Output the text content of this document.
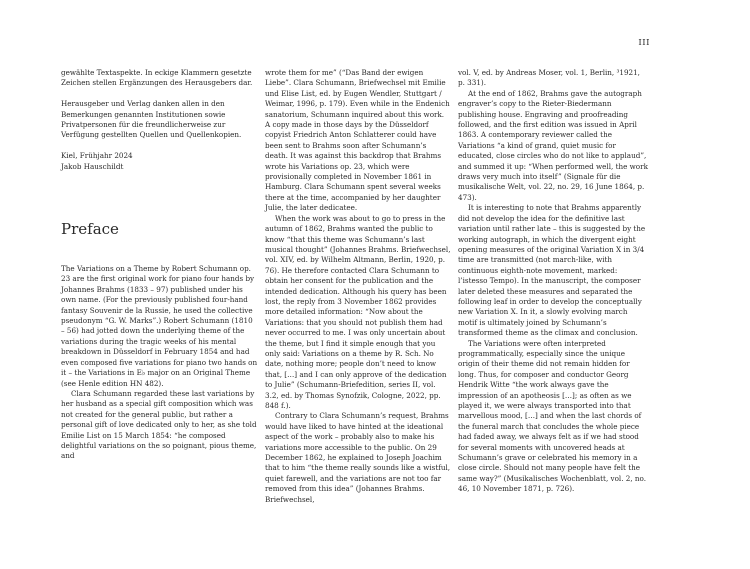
III

gewählte Textaspekte. In eckige Klammern gesetzte Zeichen stellen Ergänzungen des Herausgebers dar.

Herausgeber und Verlag danken allen in den Bemerkungen genannten Institutionen sowie Privatpersonen für die freundlicherweise zur Verfügung gestellten Quellen und Quellenkopien.

Kiel, Frühjahr 2024

Jakob Hauschildt

Preface

The Variations on a Theme by Robert Schumann op. 23 are the first original work for piano four hands by Johannes Brahms (1833 – 97) published under his own name. (For the previously published four-hand fantasy Souvenir de la Russie, he used the collective pseudonym “G. W. Marks”.) Robert Schumann (1810 – 56) had jotted down the underlying theme of the variations during the tragic weeks of his mental breakdown in Düsseldorf in February 1854 and had even composed five variations for piano two hands on it – the Variations in E♭ major on an Original Theme (see Henle edition HN 482).

Clara Schumann regarded these last variations by her husband as a special gift composition which was not created for the general public, but rather a personal gift of love dedicated only to her, as she told Emilie List on 15 March 1854: “he composed delightful variations on the so poignant, pious theme, and

wrote them for me” (“Das Band der ewigen Liebe”. Clara Schumann, Briefwechsel mit Emilie und Elise List, ed. by Eugen Wendler, Stuttgart / Weimar, 1996, p. 179). Even while in the Endenich sanatorium, Schumann inquired about this work. A copy made in those days by the Düsseldorf copyist Friedrich Anton Schlatterer could have been sent to Brahms soon after Schumann’s death. It was against this backdrop that Brahms wrote his Variations op. 23, which were provisionally completed in November 1861 in Hamburg. Clara Schumann spent several weeks there at the time, accompanied by her daughter Julie, the later dedicatee.

When the work was about to go to press in the autumn of 1862, Brahms wanted the public to know “that this theme was Schumann’s last musical thought” (Johannes Brahms. Briefwechsel, vol. XIV, ed. by Wilhelm Altmann, Berlin, 1920, p. 76). He therefore contacted Clara Schumann to obtain her consent for the publication and the intended dedication. Although his query has been lost, the reply from 3 November 1862 provides more detailed information: “Now about the Variations: that you should not publish them had never occurred to me. I was only uncertain about the theme, but I find it simple enough that you only said: Variations on a theme by R. Sch. No date, nothing more; people don’t need to know that, […] and I can only approve of the dedication to Julie” (Schumann-Briefedition, series II, vol. 3.2, ed. by Thomas Synofzik, Cologne, 2022, pp. 848 f.).

Contrary to Clara Schumann’s request, Brahms would have liked to have hinted at the ideational aspect of the work – probably also to make his variations more accessible to the public. On 29 December 1862, he explained to Joseph Joachim that to him “the theme really sounds like a wistful, quiet farewell, and the variations are not too far removed from this idea” (Johannes Brahms. Briefwechsel,

vol. V, ed. by Andreas Moser, vol. 1, Berlin, ³1921, p. 331).

At the end of 1862, Brahms gave the autograph engraver’s copy to the Rieter-Biedermann publishing house. Engraving and proofreading followed, and the first edition was issued in April 1863. A contemporary reviewer called the Variations “a kind of grand, quiet music for educated, close circles who do not like to applaud”, and summed it up: “When performed well, the work draws very much into itself” (Signale für die musikalische Welt, vol. 22, no. 29, 16 June 1864, p. 473).

It is interesting to note that Brahms apparently did not develop the idea for the definitive last variation until rather late – this is suggested by the working autograph, in which the divergent eight opening measures of the original Variation X in 3/4 time are transmitted (not march-like, with continuous eighth-note movement, marked: l’istesso Tempo). In the manuscript, the composer later deleted these measures and separated the following leaf in order to develop the conceptually new Variation X. In it, a slowly evolving march motif is ultimately joined by Schumann’s transformed theme as the climax and conclusion.

The Variations were often interpreted programmatically, especially since the unique origin of their theme did not remain hidden for long. Thus, for composer and conductor Georg Hendrik Witte “the work always gave the impression of an apotheosis […]; as often as we played it, we were always transported into that marvellous mood, […] and when the last chords of the funeral march that concludes the whole piece had faded away, we always felt as if we had stood for several moments with uncovered heads at Schumann’s grave or celebrated his memory in a close circle. Should not many people have felt the same way?” (Musikalisches Wochenblatt, vol. 2, no. 46, 10 November 1871, p. 726).
